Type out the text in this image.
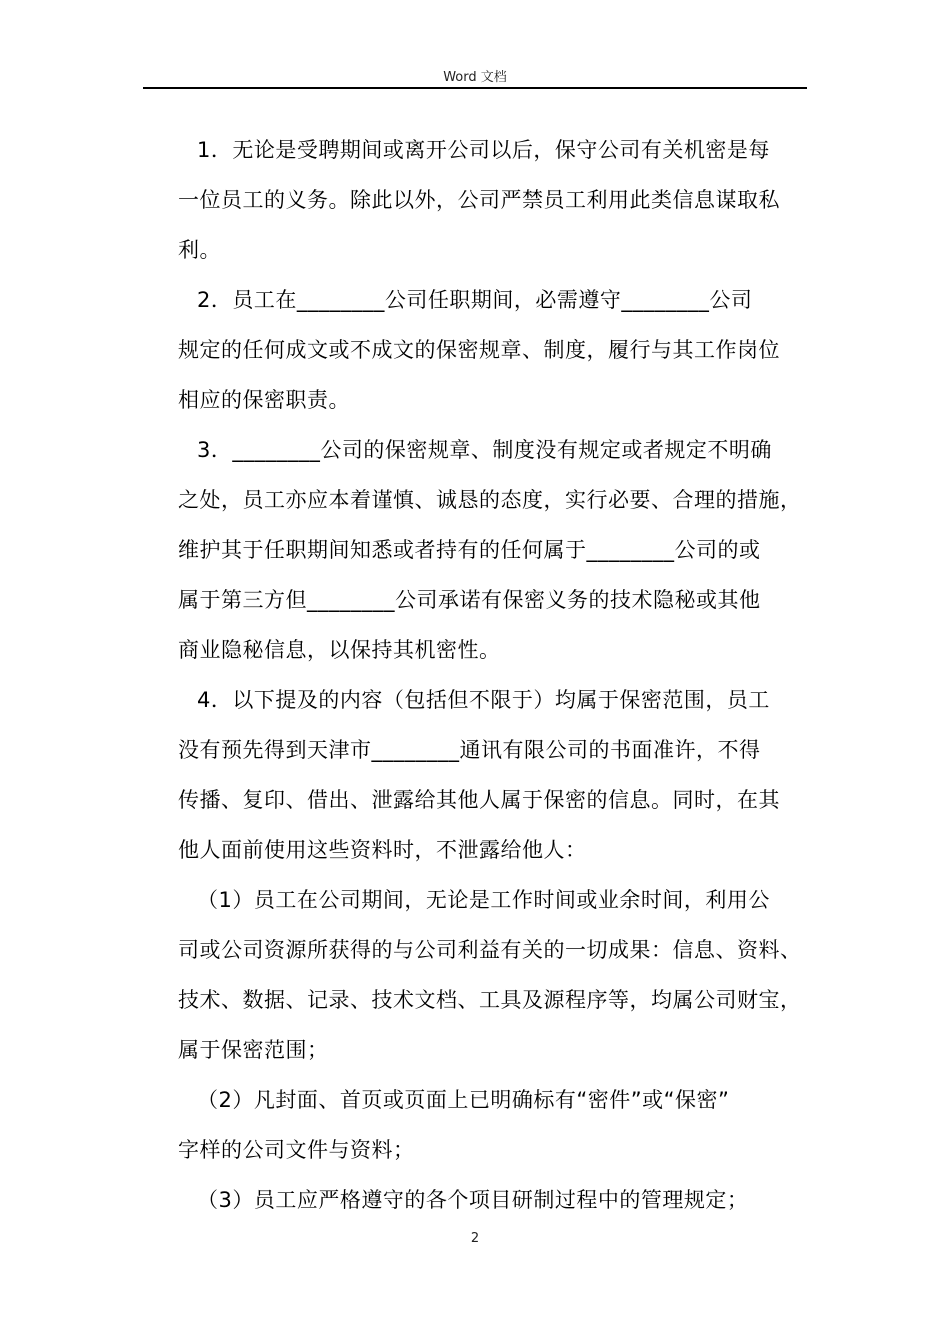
Word 文档
1．无论是受聘期间或离开公司以后，保守公司有关机密是每
一位员工的义务。除此以外，公司严禁员工利用此类信息谋取私
利。
2．员工在________公司任职期间，必需遵守________公司
规定的任何成文或不成文的保密规章、制度，履行与其工作岗位
相应的保密职责。
3．________公司的保密规章、制度没有规定或者规定不明确
之处，员工亦应本着谨慎、诚恳的态度，实行必要、合理的措施，
维护其于任职期间知悉或者持有的任何属于________公司的或
属于第三方但________公司承诺有保密义务的技术隐秘或其他
商业隐秘信息，以保持其机密性。
4．以下提及的内容（包括但不限于）均属于保密范围，员工
没有预先得到天津市________通讯有限公司的书面准许，不得
传播、复印、借出、泄露给其他人属于保密的信息。同时，在其
他人面前使用这些资料时，不泄露给他人：
（1）员工在公司期间，无论是工作时间或业余时间，利用公
司或公司资源所获得的与公司利益有关的一切成果：信息、资料、
技术、数据、记录、技术文档、工具及源程序等，均属公司财宝，
属于保密范围；
（2）凡封面、首页或页面上已明确标有“密件”或“保密”
字样的公司文件与资料；
（3）员工应严格遵守的各个项目研制过程中的管理规定；
2
